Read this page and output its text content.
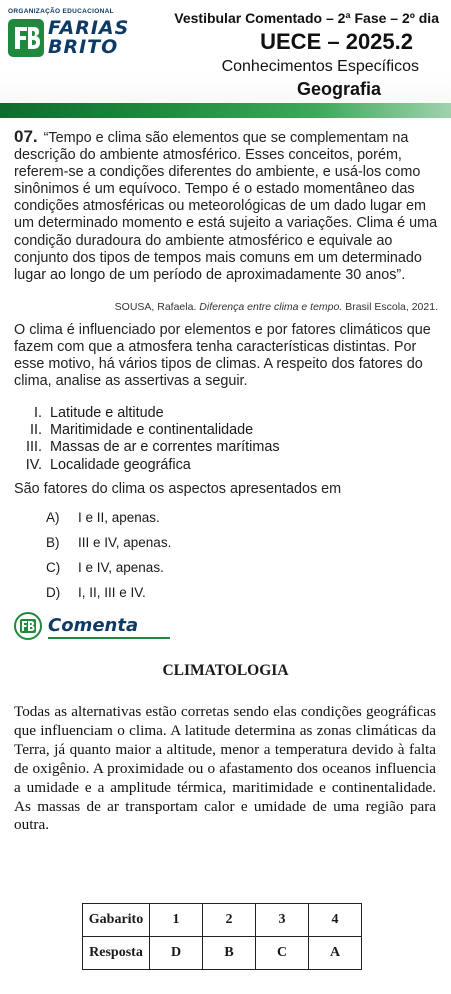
ORGANIZAÇÃO EDUCACIONAL
FARIAS
BRITO
Vestibular Comentado – 2ª Fase – 2º dia
UECE – 2025.2
Conhecimentos Específicos
Geografia
07. “Tempo e clima são elementos que se complementam na descrição do ambiente atmosférico. Esses conceitos, porém, referem-se a condições diferentes do ambiente, e usá-los como sinônimos é um equívoco. Tempo é o estado momentâneo das condições atmosféricas ou meteorológicas de um dado lugar em um determinado momento e está sujeito a variações. Clima é uma condição duradoura do ambiente atmosférico e equivale ao conjunto dos tipos de tempos mais comuns em um determinado lugar ao longo de um período de aproximadamente 30 anos”.
SOUSA, Rafaela. Diferença entre clima e tempo. Brasil Escola, 2021.
O clima é influenciado por elementos e por fatores climáticos que fazem com que a atmosfera tenha características distintas. Por esse motivo, há vários tipos de climas. A respeito dos fatores do clima, analise as assertivas a seguir.
I. Latitude e altitude
II. Maritimidade e continentalidade
III. Massas de ar e correntes marítimas
IV. Localidade geográfica
São fatores do clima os aspectos apresentados em
A)	I e II, apenas.
B)	III e IV, apenas.
C)	I e IV, apenas.
D)	I, II, III e IV.
Comenta
CLIMATOLOGIA
Todas as alternativas estão corretas sendo elas condições geográficas que influenciam o clima. A latitude determina as zonas climáticas da Terra, já quanto maior a altitude, menor a temperatura devido à falta de oxigênio. A proximidade ou o afastamento dos oceanos influencia a umidade e a amplitude térmica, maritimidade e continentalidade. As massas de ar transportam calor e umidade de uma região para outra.
Gabarito	1	2	3	4
Resposta	D	B	C	A
